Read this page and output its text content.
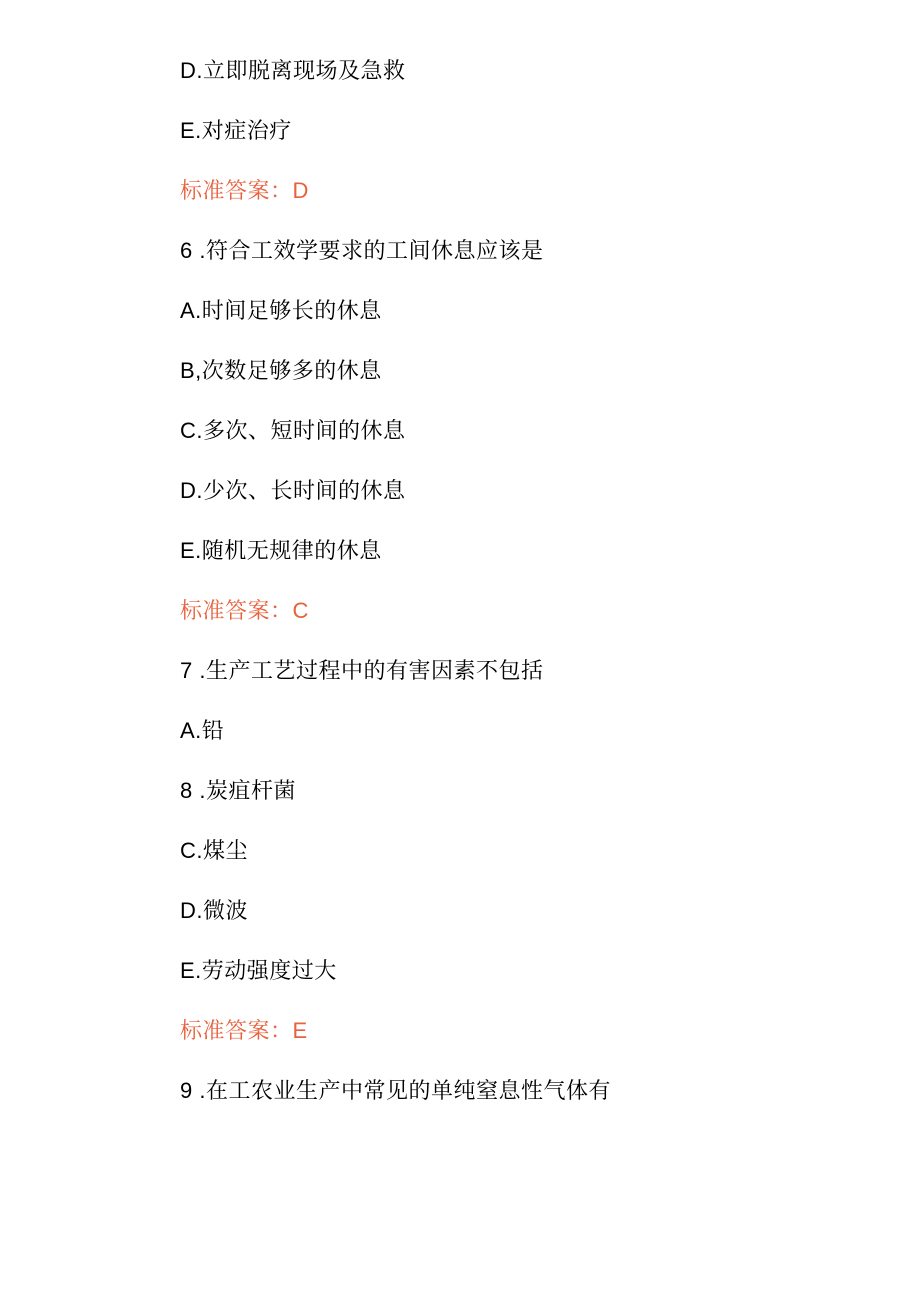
D.立即脱离现场及急救
E.对症治疗
标准答案：D
6 .符合工效学要求的工间休息应该是
A.时间足够长的休息
B,次数足够多的休息
C.多次、短时间的休息
D.少次、长时间的休息
E.随机无规律的休息
标准答案：C
7 .生产工艺过程中的有害因素不包括
A.铅
8 .炭疽杆菌
C.煤尘
D.微波
E.劳动强度过大
标准答案：E
9 .在工农业生产中常见的单纯窒息性气体有
